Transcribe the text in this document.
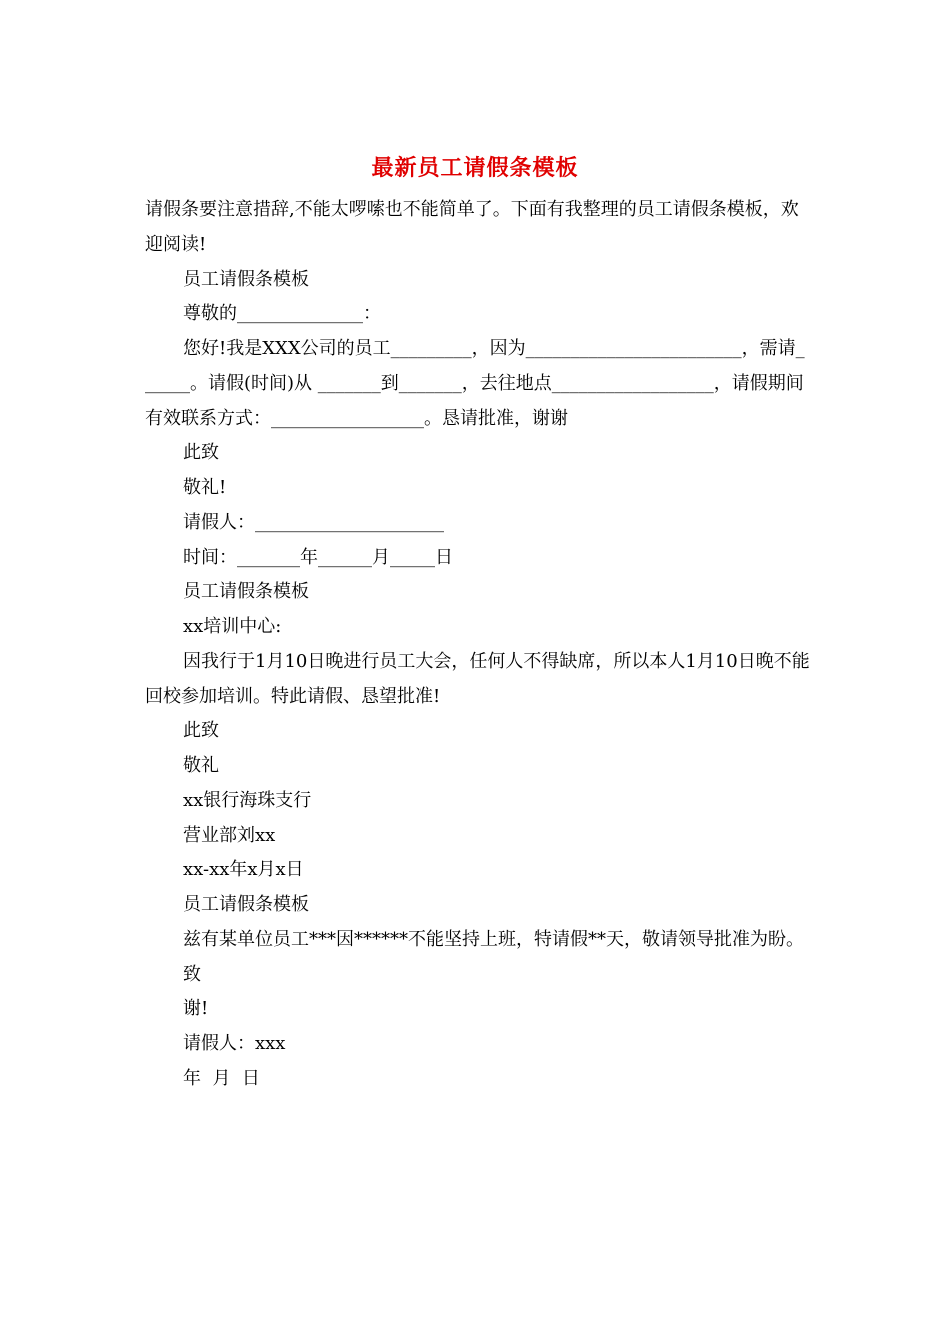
最新员工请假条模板

请假条要注意措辞,不能太啰嗦也不能简单了。下面有我整理的员工请假条模板，欢迎阅读!

员工请假条模板

尊敬的______________：

您好!我是XXX公司的员工_________，因为________________________，需请______。请假(时间)从 _______到_______，去往地点__________________，请假期间有效联系方式：_________________。恳请批准，谢谢

此致

敬礼!

请假人：_____________________

时间：_______年______月_____日

员工请假条模板

xx培训中心:

因我行于1月10日晚进行员工大会，任何人不得缺席，所以本人1月10日晚不能回校参加培训。特此请假、恳望批准!

此致

敬礼

xx银行海珠支行

营业部刘xx

xx-xx年x月x日

员工请假条模板

兹有某单位员工***因******不能坚持上班，特请假**天，敬请领导批准为盼。

致

谢!

请假人：xxx

年  月  日
